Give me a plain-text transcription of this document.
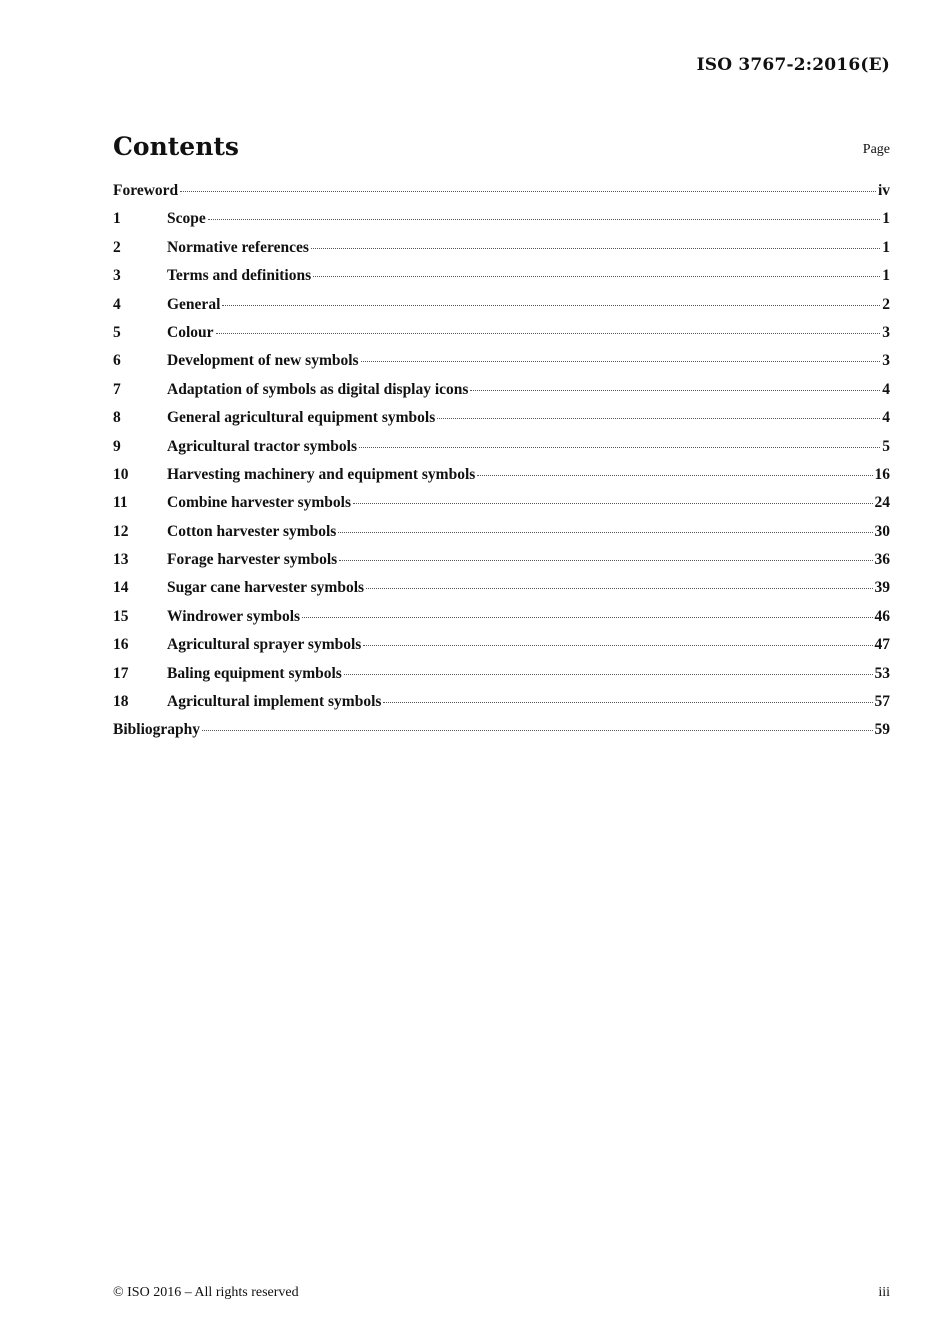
ISO 3767-2:2016(E)
Contents	Page
Foreword	iv
1	Scope	1
2	Normative references	1
3	Terms and definitions	1
4	General	2
5	Colour	3
6	Development of new symbols	3
7	Adaptation of symbols as digital display icons	4
8	General agricultural equipment symbols	4
9	Agricultural tractor symbols	5
10	Harvesting machinery and equipment symbols	16
11	Combine harvester symbols	24
12	Cotton harvester symbols	30
13	Forage harvester symbols	36
14	Sugar cane harvester symbols	39
15	Windrower symbols	46
16	Agricultural sprayer symbols	47
17	Baling equipment symbols	53
18	Agricultural implement symbols	57
Bibliography	59
© ISO 2016 – All rights reserved	iii
